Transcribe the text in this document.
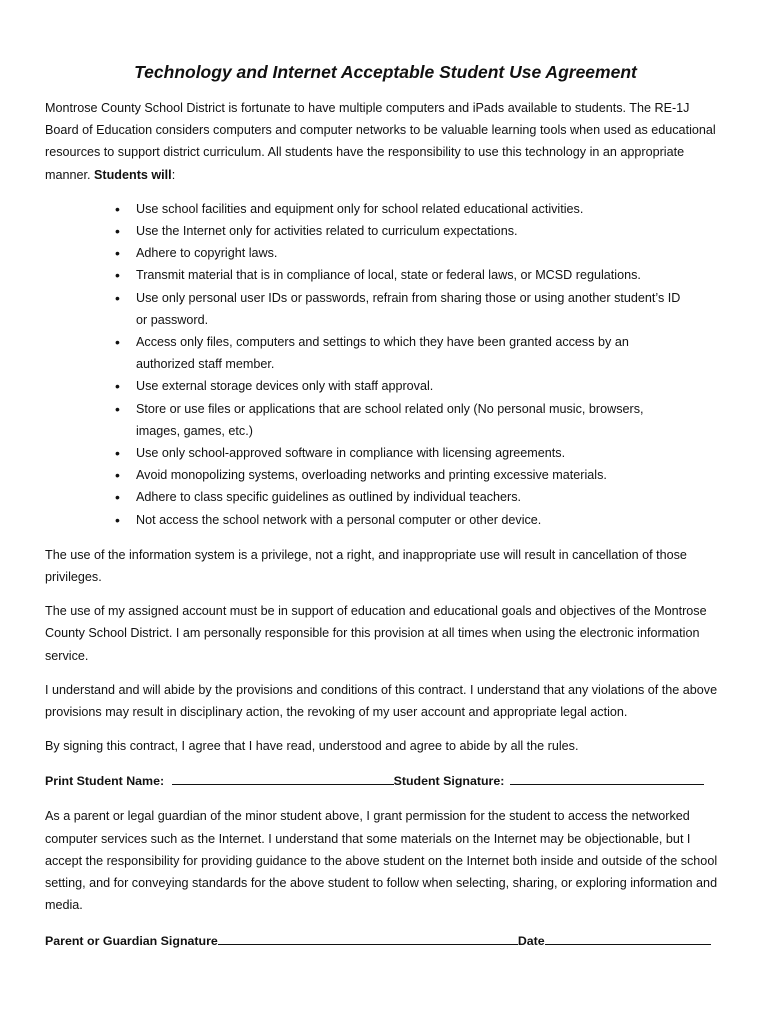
Technology and Internet Acceptable Student Use Agreement

Montrose County School District is fortunate to have multiple computers and iPads available to students. The RE-1J Board of Education considers computers and computer networks to be valuable learning tools when used as educational resources to support district curriculum. All students have the responsibility to use this technology in an appropriate manner. Students will:

• Use school facilities and equipment only for school related educational activities.
• Use the Internet only for activities related to curriculum expectations.
• Adhere to copyright laws.
• Transmit material that is in compliance of local, state or federal laws, or MCSD regulations.
• Use only personal user IDs or passwords, refrain from sharing those or using another student’s ID or password.
• Access only files, computers and settings to which they have been granted access by an authorized staff member.
• Use external storage devices only with staff approval.
• Store or use files or applications that are school related only (No personal music, browsers, images, games, etc.)
• Use only school-approved software in compliance with licensing agreements.
• Avoid monopolizing systems, overloading networks and printing excessive materials.
• Adhere to class specific guidelines as outlined by individual teachers.
• Not access the school network with a personal computer or other device.

The use of the information system is a privilege, not a right, and inappropriate use will result in cancellation of those privileges.

The use of my assigned account must be in support of education and educational goals and objectives of the Montrose County School District. I am personally responsible for this provision at all times when using the electronic information service.

I understand and will abide by the provisions and conditions of this contract. I understand that any violations of the above provisions may result in disciplinary action, the revoking of my user account and appropriate legal action.

By signing this contract, I agree that I have read, understood and agree to abide by all the rules.

Print Student Name:	Student Signature:

As a parent or legal guardian of the minor student above, I grant permission for the student to access the networked computer services such as the Internet. I understand that some materials on the Internet may be objectionable, but I accept the responsibility for providing guidance to the above student on the Internet both inside and outside of the school setting, and for conveying standards for the above student to follow when selecting, sharing, or exploring information and media.

Parent or Guardian Signature	Date
